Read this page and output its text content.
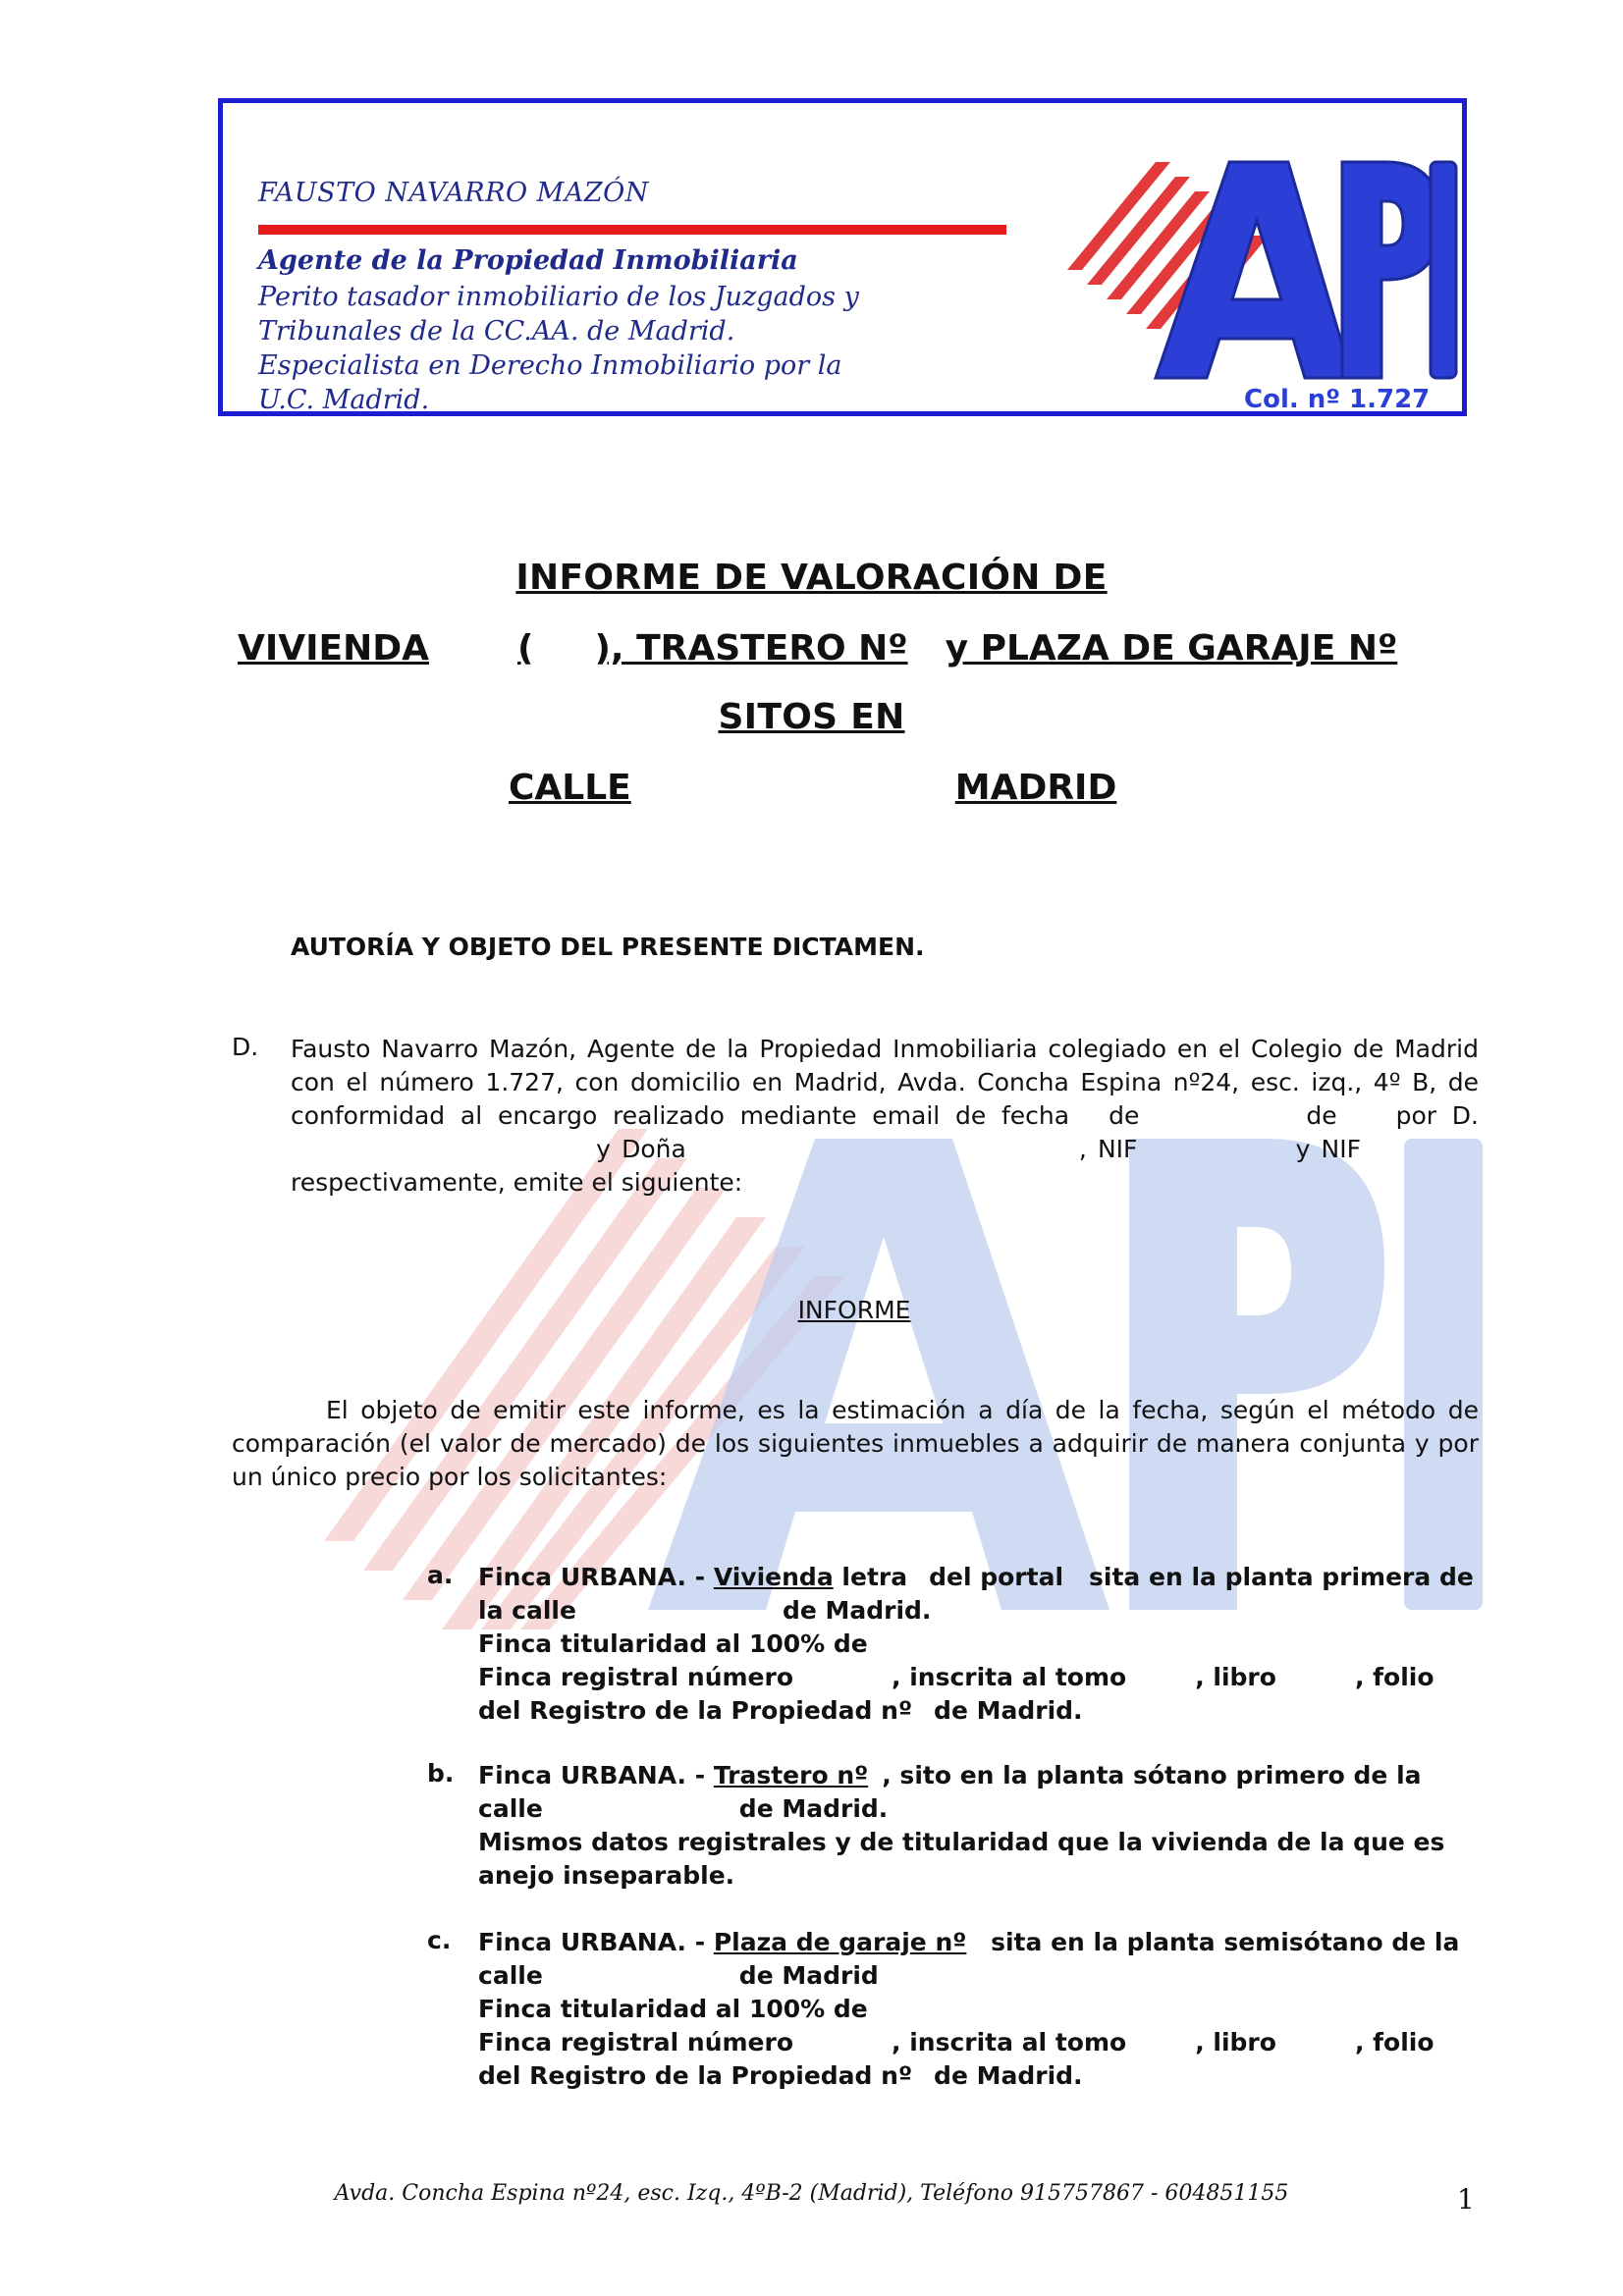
FAUSTO NAVARRO MAZÓN
Agente de la Propiedad Inmobiliaria
Perito tasador inmobiliario de los Juzgados y
Tribunales de la CC.AA. de Madrid.
Especialista en Derecho Inmobiliario por la
U.C. Madrid.	Col. nº 1.727
INFORME DE VALORACIÓN DE
VIVIENDA	( ), TRASTERO Nº y PLAZA DE GARAJE Nº
SITOS EN
CALLE	MADRID
AUTORÍA Y OBJETO DEL PRESENTE DICTAMEN.
D. Fausto Navarro Mazón, Agente de la Propiedad Inmobiliaria colegiado en el Colegio de Madrid con el número 1.727, con domicilio en Madrid, Avda. Concha Espina nº24, esc. izq., 4º B, de conformidad al encargo realizado mediante email de fecha de	de por D. y Doña	, NIF	y NIF respectivamente, emite el siguiente:
INFORME
El objeto de emitir este informe, es la estimación a día de la fecha, según el método de comparación (el valor de mercado) de los siguientes inmuebles a adquirir de manera conjunta y por un único precio por los solicitantes:
a. Finca URBANA. - Vivienda letra del portal sita en la planta primera de la calle	de Madrid.
Finca titularidad al 100% de
Finca registral número	, inscrita al tomo	, libro	, folio
del Registro de la Propiedad nº de Madrid.
b. Finca URBANA. - Trastero nº , sito en la planta sótano primero de la calle	de Madrid.
Mismos datos registrales y de titularidad que la vivienda de la que es anejo inseparable.
c. Finca URBANA. - Plaza de garaje nº sita en la planta semisótano de la calle	de Madrid
Finca titularidad al 100% de
Finca registral número	, inscrita al tomo	, libro	, folio
del Registro de la Propiedad nº de Madrid.
Avda. Concha Espina nº24, esc. Izq., 4ºB-2 (Madrid), Teléfono 915757867 - 604851155	1
